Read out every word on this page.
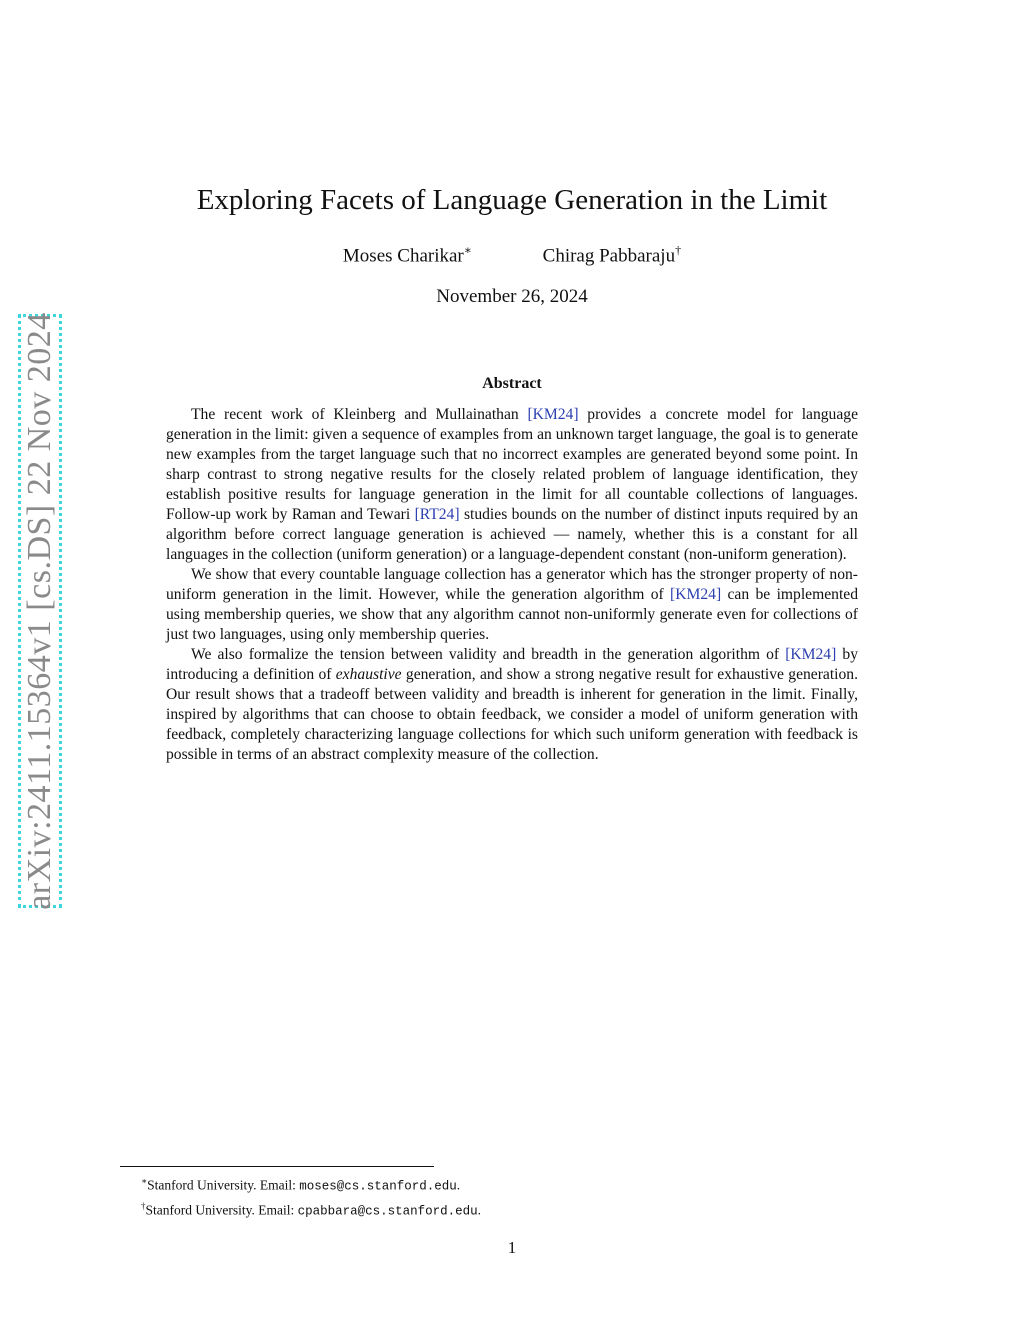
arXiv:2411.15364v1 [cs.DS] 22 Nov 2024
Exploring Facets of Language Generation in the Limit
Moses Charikar∗	Chirag Pabbaraju†
November 26, 2024
Abstract

The recent work of Kleinberg and Mullainathan [KM24] provides a concrete model for language generation in the limit: given a sequence of examples from an unknown target language, the goal is to generate new examples from the target language such that no incorrect examples are generated beyond some point. In sharp contrast to strong negative results for the closely related problem of language identification, they establish positive results for language generation in the limit for all countable collections of languages. Follow-up work by Raman and Tewari [RT24] studies bounds on the number of distinct inputs required by an algorithm before correct language generation is achieved — namely, whether this is a constant for all languages in the collection (uniform generation) or a language-dependent constant (non-uniform generation).

We show that every countable language collection has a generator which has the stronger property of non-uniform generation in the limit. However, while the generation algorithm of [KM24] can be implemented using membership queries, we show that any algorithm cannot non-uniformly generate even for collections of just two languages, using only membership queries.

We also formalize the tension between validity and breadth in the generation algorithm of [KM24] by introducing a definition of exhaustive generation, and show a strong negative result for exhaustive generation. Our result shows that a tradeoff between validity and breadth is inherent for generation in the limit. Finally, inspired by algorithms that can choose to obtain feedback, we consider a model of uniform generation with feedback, completely characterizing language collections for which such uniform generation with feedback is possible in terms of an abstract complexity measure of the collection.

∗Stanford University. Email: moses@cs.stanford.edu.
†Stanford University. Email: cpabbara@cs.stanford.edu.
1
